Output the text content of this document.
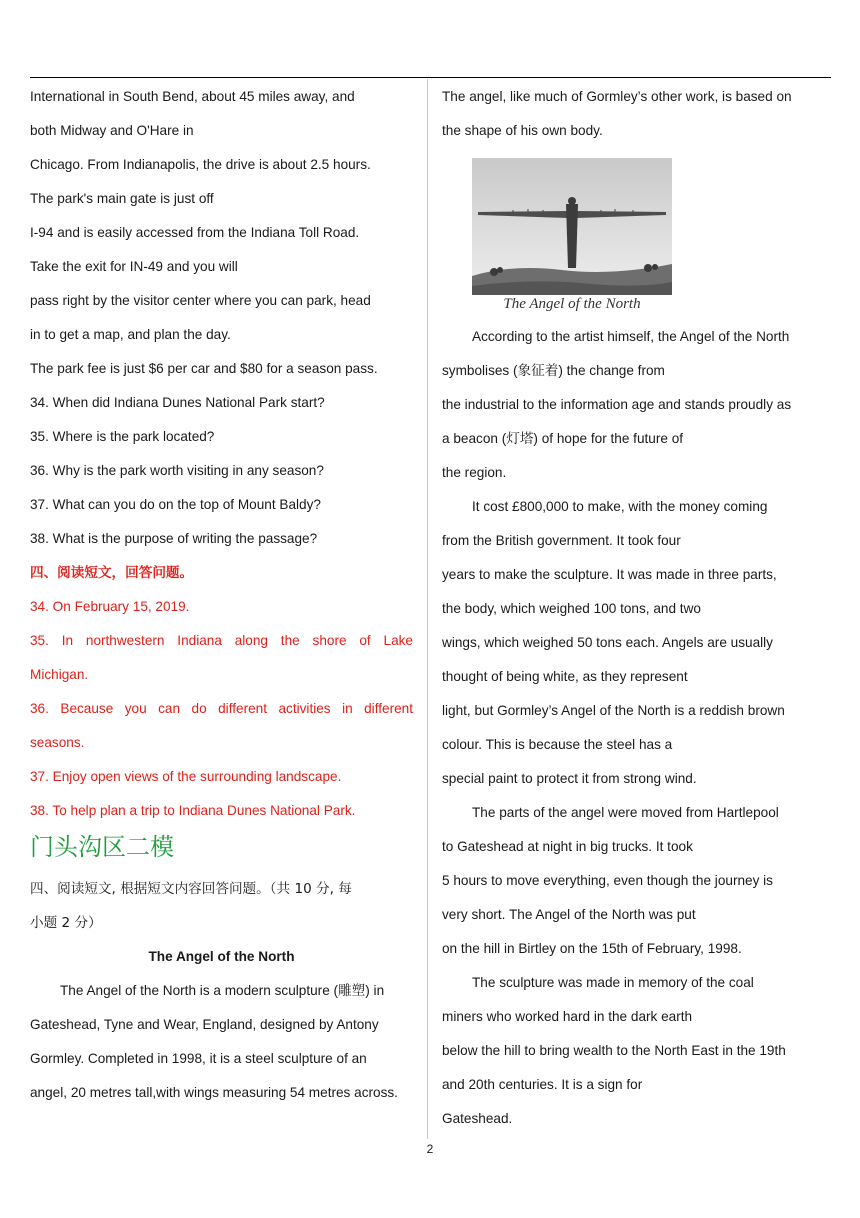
International in South Bend, about 45 miles away, and
both Midway and O'Hare in
Chicago. From Indianapolis, the drive is about 2.5 hours.
The park's main gate is just off
I‑94 and is easily accessed from the Indiana Toll Road.
Take the exit for IN‑49 and you will
pass right by the visitor center where you can park, head
in to get a map, and plan the day.
The park fee is just $6 per car and $80 for a season pass.
34. When did Indiana Dunes National Park start?
35. Where is the park located?
36. Why is the park worth visiting in any season?
37. What can you do on the top of Mount Baldy?
38. What is the purpose of writing the passage?
四、阅读短文，回答问题。
34. On February 15, 2019.
35. In northwestern Indiana along the shore of Lake
Michigan.
36. Because you can do different activities in different
seasons.
37. Enjoy open views of the surrounding landscape.
38. To help plan a trip to Indiana Dunes National Park.
门头沟区二模
四、阅读短文, 根据短文内容回答问题。（共 10 分, 每
小题 2 分）
The Angel of the North
The Angel of the North is a modern sculpture (雕塑) in
Gateshead, Tyne and Wear, England, designed by Antony
Gormley. Completed in 1998, it is a steel sculpture of an
angel, 20 metres tall,with wings measuring 54 metres across.
The angel, like much of Gormley’s other work, is based on
the shape of his own body.
The Angel of the North
According to the artist himself, the Angel of the North
symbolises (象征着) the change from
the industrial to the information age and stands proudly as
a beacon (灯塔) of hope for the future of
the region.
It cost £800,000 to make, with the money coming
from the British government. It took four
years to make the sculpture. It was made in three parts,
the body, which weighed 100 tons, and two
wings, which weighed 50 tons each. Angels are usually
thought of being white, as they represent
light, but Gormley’s Angel of the North is a reddish brown
colour. This is because the steel has a
special paint to protect it from strong wind.
The parts of the angel were moved from Hartlepool
to Gateshead at night in big trucks. It took
5 hours to move everything, even though the journey is
very short. The Angel of the North was put
on the hill in Birtley on the 15th of February, 1998.
The sculpture was made in memory of the coal
miners who worked hard in the dark earth
below the hill to bring wealth to the North East in the 19th
and 20th centuries. It is a sign for
Gateshead.
2
